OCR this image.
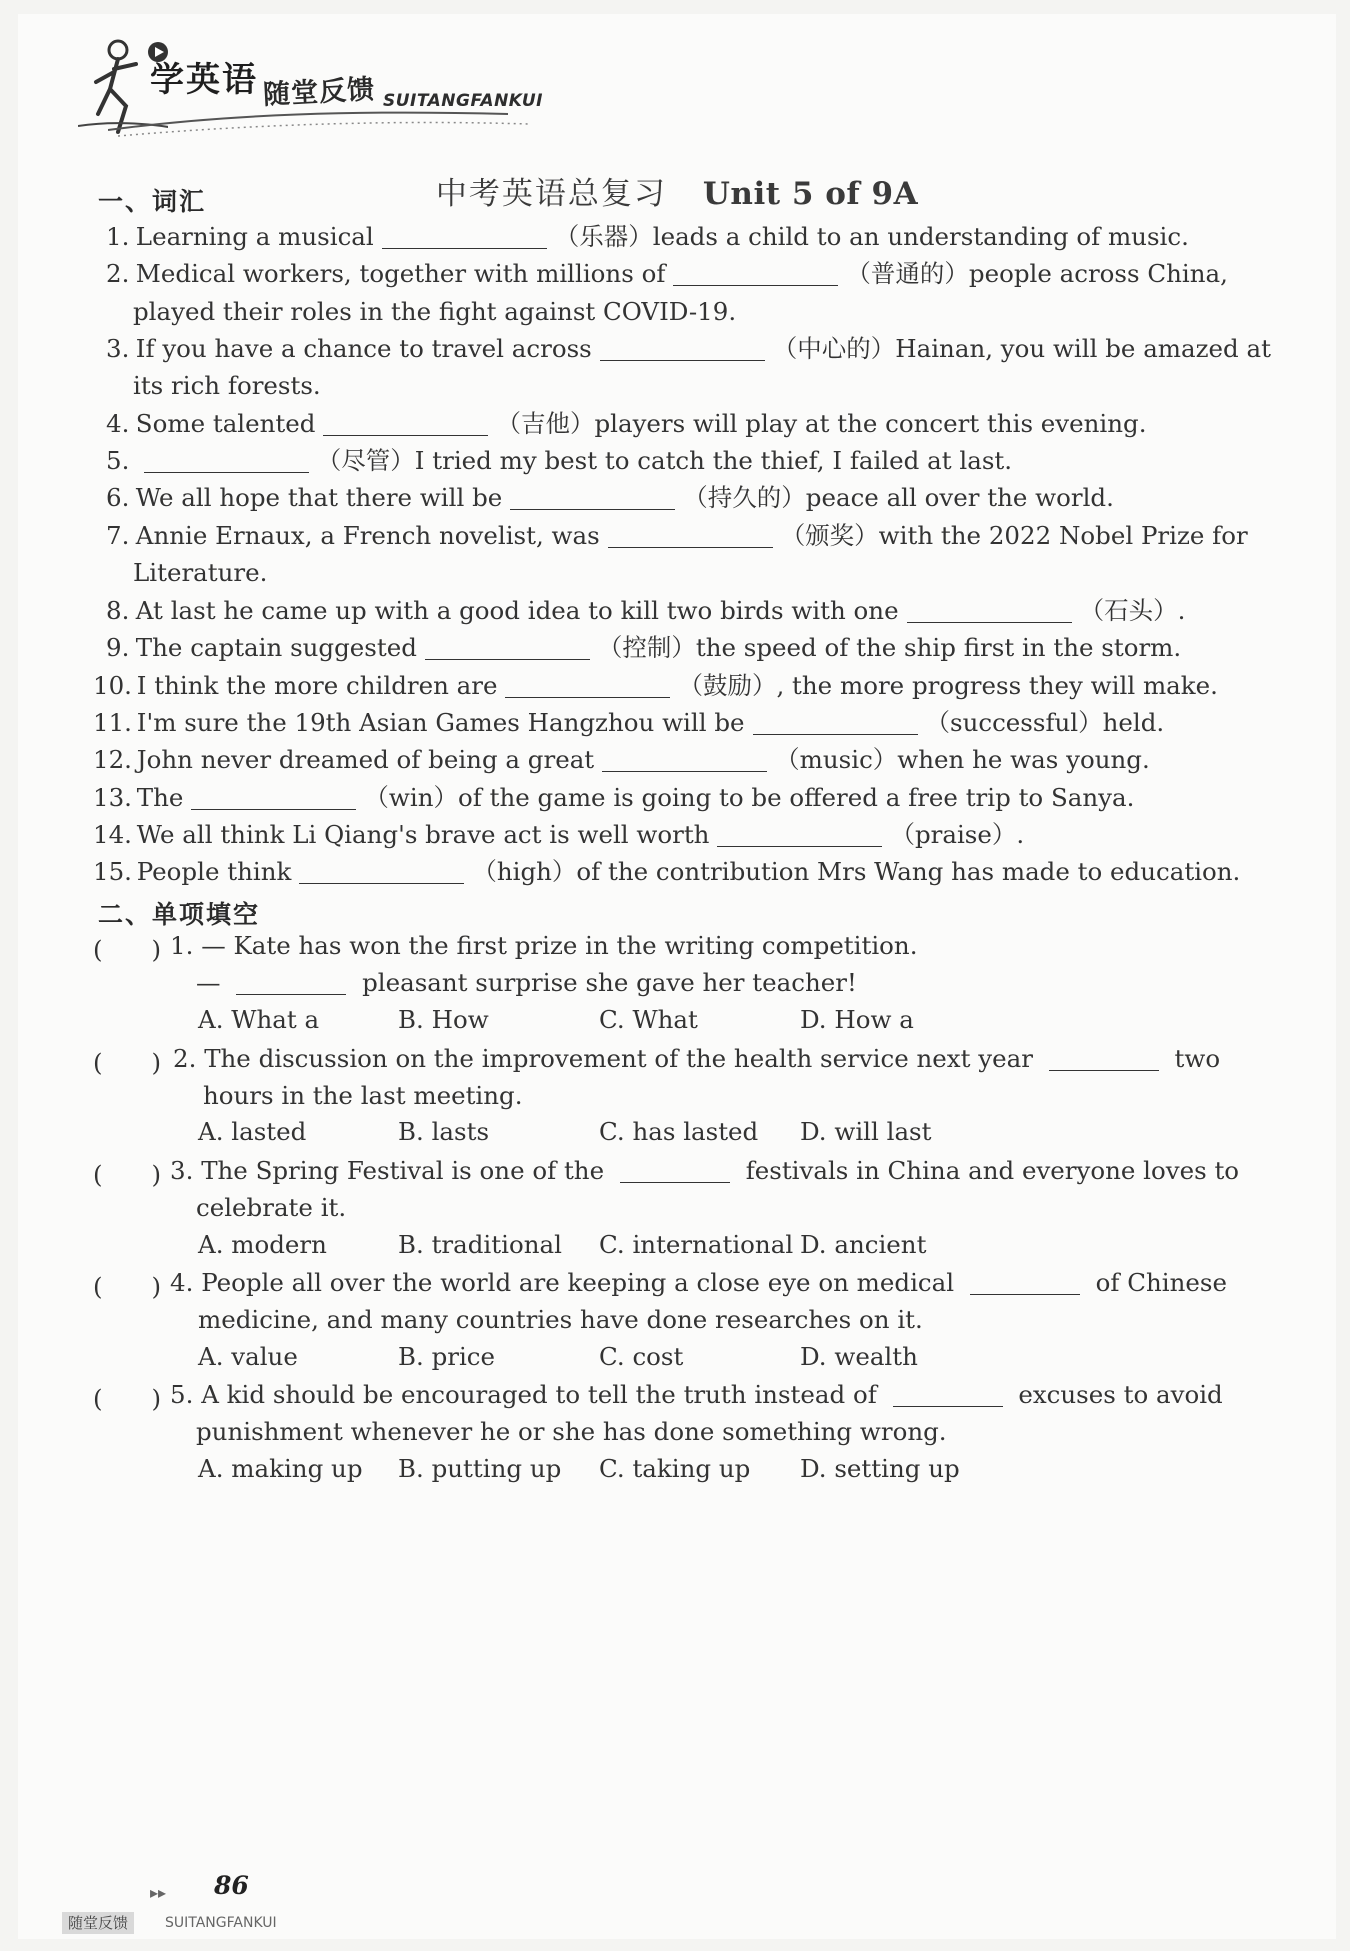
学英语 随堂反馈 SUITANGFANKUI
中考英语总复习 Unit 5 of 9A
一、词汇
1. Learning a musical	（乐器）leads a child to an understanding of music.
2. Medical workers, together with millions of	（普通的）people across China,
played their roles in the fight against COVID-19.
3. If you have a chance to travel across	（中心的）Hainan, you will be amazed at
its rich forests.
4. Some talented	（吉他）players will play at the concert this evening.
5.	（尽管）I tried my best to catch the thief, I failed at last.
6. We all hope that there will be	（持久的）peace all over the world.
7. Annie Ernaux, a French novelist, was	（颁奖）with the 2022 Nobel Prize for
Literature.
8. At last he came up with a good idea to kill two birds with one	（石头）.
9. The captain suggested	（控制）the speed of the ship first in the storm.
10. I think the more children are	（鼓励）, the more progress they will make.
11. I'm sure the 19th Asian Games Hangzhou will be	（successful）held.
12. John never dreamed of being a great	（music）when he was young.
13. The	（win）of the game is going to be offered a free trip to Sanya.
14. We all think Li Qiang's brave act is well worth	（praise）.
15. People think	（high）of the contribution Mrs Wang has made to education.
二、单项填空
(　　) 1. — Kate has won the first prize in the writing competition.
—	pleasant surprise she gave her teacher!
A. What a	B. How	C. What	D. How a
(　　) 2. The discussion on the improvement of the health service next year	two
hours in the last meeting.
A. lasted	B. lasts	C. has lasted D. will last
(　　) 3. The Spring Festival is one of the	festivals in China and everyone loves to
celebrate it.
A. modern	B. traditional C. international D. ancient
(　　) 4. People all over the world are keeping a close eye on medical	of Chinese
medicine, and many countries have done researches on it.
A. value	B. price	C. cost	D. wealth
(　　) 5. A kid should be encouraged to tell the truth instead of	excuses to avoid
punishment whenever he or she has done something wrong.
A. making up B. putting up C. taking up D. setting up
▸▸ 86
随堂反馈	SUITANGFANKUI
